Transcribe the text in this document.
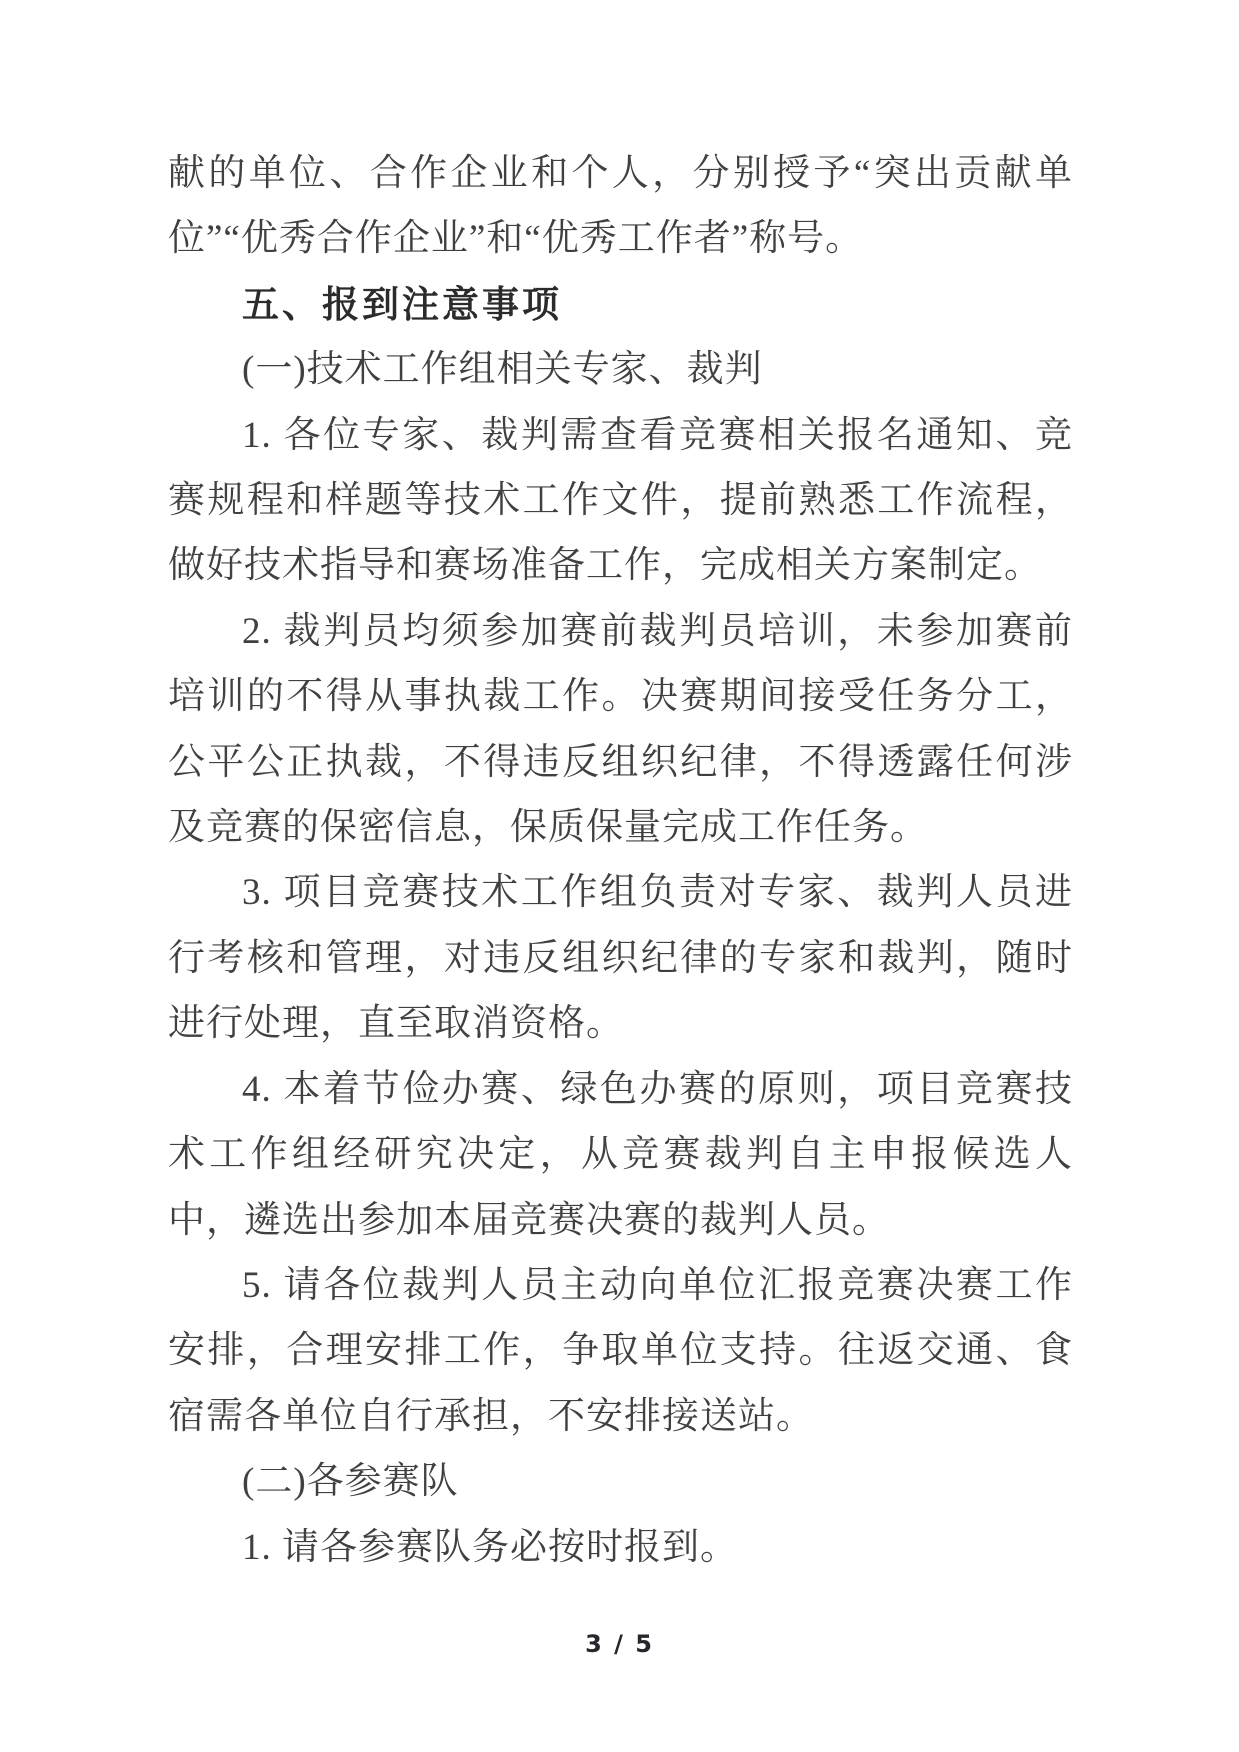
献的单位、合作企业和个人，分别授予“突出贡献单位”“优秀合作企业”和“优秀工作者”称号。

五、报到注意事项

(一)技术工作组相关专家、裁判

1. 各位专家、裁判需查看竞赛相关报名通知、竞赛规程和样题等技术工作文件，提前熟悉工作流程，做好技术指导和赛场准备工作，完成相关方案制定。

2. 裁判员均须参加赛前裁判员培训，未参加赛前培训的不得从事执裁工作。决赛期间接受任务分工，公平公正执裁，不得违反组织纪律，不得透露任何涉及竞赛的保密信息，保质保量完成工作任务。

3. 项目竞赛技术工作组负责对专家、裁判人员进行考核和管理，对违反组织纪律的专家和裁判，随时进行处理，直至取消资格。

4. 本着节俭办赛、绿色办赛的原则，项目竞赛技术工作组经研究决定，从竞赛裁判自主申报候选人中，遴选出参加本届竞赛决赛的裁判人员。

5. 请各位裁判人员主动向单位汇报竞赛决赛工作安排，合理安排工作，争取单位支持。往返交通、食宿需各单位自行承担，不安排接送站。

(二)各参赛队

1. 请各参赛队务必按时报到。

3 / 5
